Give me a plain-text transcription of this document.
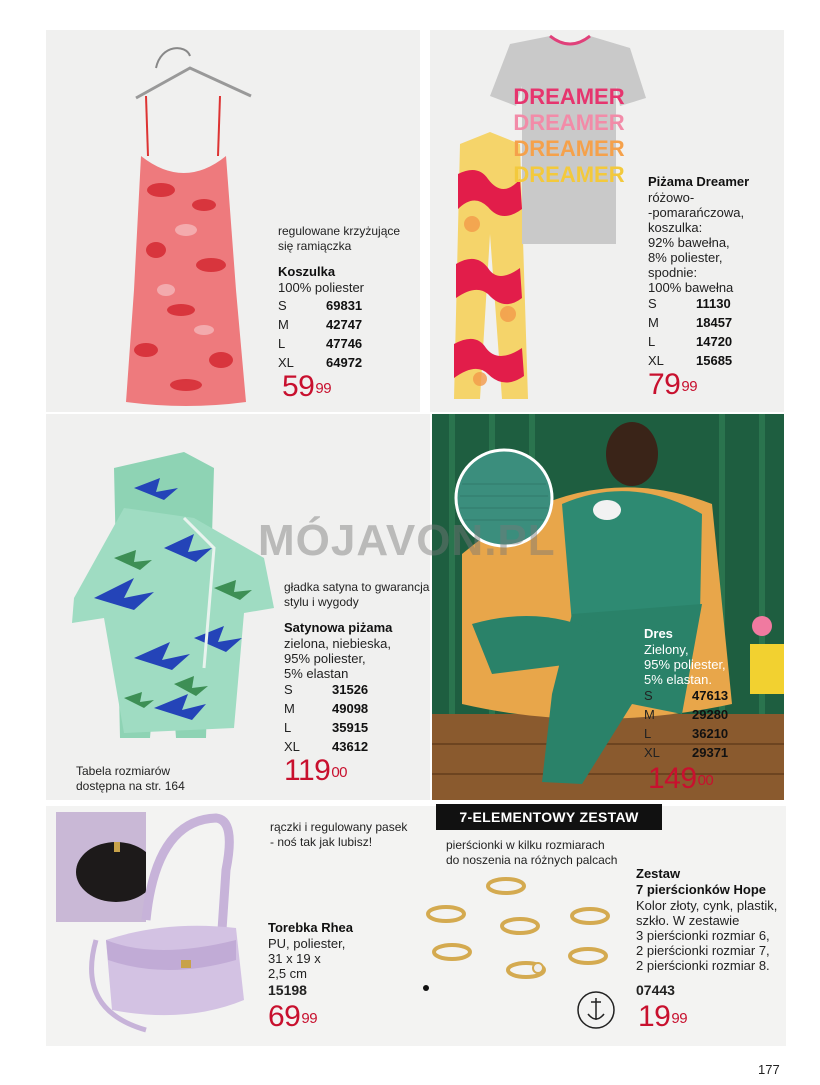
regulowane krzyżujące się ramiączka
Koszulka
100% poliester
S	69831
M	42747
L	47746
XL	64972
$59^{99}$
DREAMER
DREAMER
DREAMER
DREAMER Piżama Dreamer
różowo-
-pomarańczowa,
koszulka:
92% bawełna,
8% poliester,
spodnie:
100% bawełna
S	11130
M	18457
L	14720
XL	15685
$79^{99}$
gładka satyna to gwarancja stylu i wygody
Satynowa piżama
zielona, niebieska,
95% poliester,
5% elastan
S	31526
M	49098
L	35915
XL	43612
$119^{00}$
Tabela rozmiarów
dostępna na str. 164
Dres
Zielony,
95% poliester,
5% elastan.
S	47613
M	29280
L	36210
XL	29371
$149^{00}$
rączki i regulowany pasek
- noś tak jak lubisz!
Torebka Rhea
PU, poliester,
31 x 19 x
2,5 cm
15198
$69^{99}$
pierścionki w kilku rozmiarach
do noszenia na różnych palcach
Zestaw
7 pierścionków Hope
Kolor złoty, cynk, plastik,
szkło. W zestawie
3 pierścionki rozmiar 6,
2 pierścionki rozmiar 7,
2 pierścionki rozmiar 8.
07443
$19^{99}$
7-ELEMENTOWY ZESTAW
MÓJAVON.PL
177
